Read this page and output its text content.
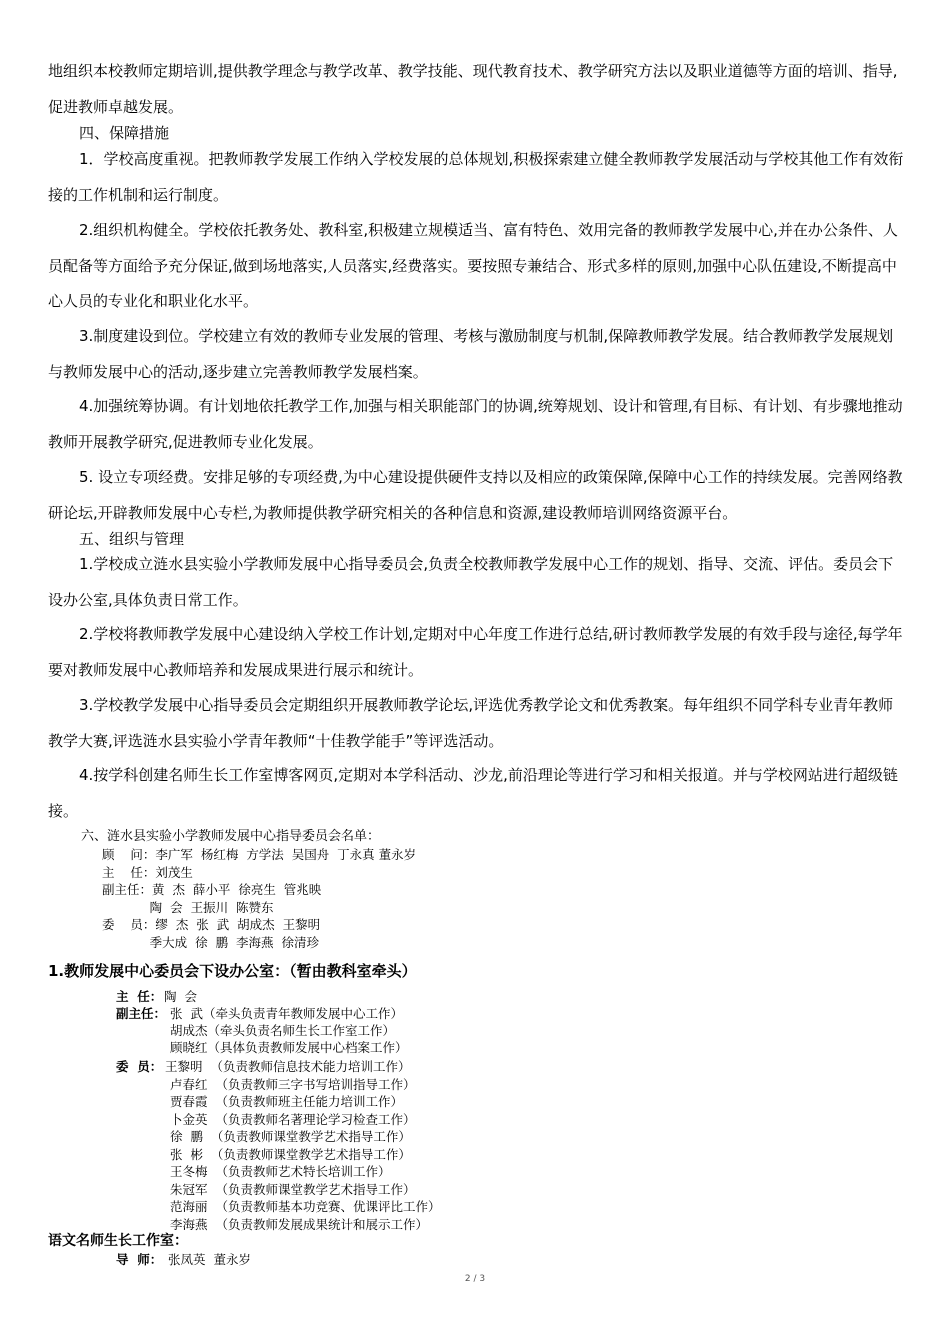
地组织本校教师定期培训,提供教学理念与教学改革、教学技能、现代教育技术、教学研究方法以及职业道德等方面的培训、指导,促进教师卓越发展。

四、保障措施

1．学校高度重视。把教师教学发展工作纳入学校发展的总体规划,积极探索建立健全教师教学发展活动与学校其他工作有效衔接的工作机制和运行制度。

2.组织机构健全。学校依托教务处、教科室,积极建立规模适当、富有特色、效用完备的教师教学发展中心,并在办公条件、人员配备等方面给予充分保证,做到场地落实,人员落实,经费落实。要按照专兼结合、形式多样的原则,加强中心队伍建设,不断提高中心人员的专业化和职业化水平。

3.制度建设到位。学校建立有效的教师专业发展的管理、考核与激励制度与机制,保障教师教学发展。结合教师教学发展规划与教师发展中心的活动,逐步建立完善教师教学发展档案。

4.加强统筹协调。有计划地依托教学工作,加强与相关职能部门的协调,统筹规划、设计和管理,有目标、有计划、有步骤地推动教师开展教学研究,促进教师专业化发展。

5. 设立专项经费。安排足够的专项经费,为中心建设提供硬件支持以及相应的政策保障,保障中心工作的持续发展。完善网络教研论坛,开辟教师发展中心专栏,为教师提供教学研究相关的各种信息和资源,建设教师培训网络资源平台。

五、组织与管理

1.学校成立涟水县实验小学教师发展中心指导委员会,负责全校教师教学发展中心工作的规划、指导、交流、评估。委员会下设办公室,具体负责日常工作。

2.学校将教师教学发展中心建设纳入学校工作计划,定期对中心年度工作进行总结,研讨教师教学发展的有效手段与途径,每学年要对教师发展中心教师培养和发展成果进行展示和统计。

3.学校教学发展中心指导委员会定期组织开展教师教学论坛,评选优秀教学论文和优秀教案。每年组织不同学科专业青年教师教学大赛,评选涟水县实验小学青年教师“十佳教学能手”等评选活动。

4.按学科创建名师生长工作室博客网页,定期对本学科活动、沙龙,前沿理论等进行学习和相关报道。并与学校网站进行超级链接。

六、涟水县实验小学教师发展中心指导委员会名单：

顾    问：李广军  杨红梅  方学法  吴国舟  丁永真 董永岁

主    任：刘茂生

副主任：黄  杰  薛小平  徐亮生  管兆映

陶  会  王振川  陈赞东

委    员：缪  杰  张  武  胡成杰  王黎明

季大成  徐  鹏  李海燕  徐清珍

1.教师发展中心委员会下设办公室：（暂由教科室牵头）

主  任： 陶  会

副主任： 张  武（牵头负责青年教师发展中心工作）

胡成杰（牵头负责名师生长工作室工作）

顾晓红（具体负责教师发展中心档案工作）

委  员： 王黎明  （负责教师信息技术能力培训工作）

卢春红  （负责教师三字书写培训指导工作）

贾春霞  （负责教师班主任能力培训工作）

卜金英  （负责教师名著理论学习检查工作）

徐  鹏  （负责教师课堂教学艺术指导工作）

张  彬  （负责教师课堂教学艺术指导工作）

王冬梅  （负责教师艺术特长培训工作）

朱冠军  （负责教师课堂教学艺术指导工作）

范海丽  （负责教师基本功竞赛、优课评比工作）

李海燕  （负责教师发展成果统计和展示工作）

语文名师生长工作室：

导  师： 张凤英  董永岁

2 / 3
